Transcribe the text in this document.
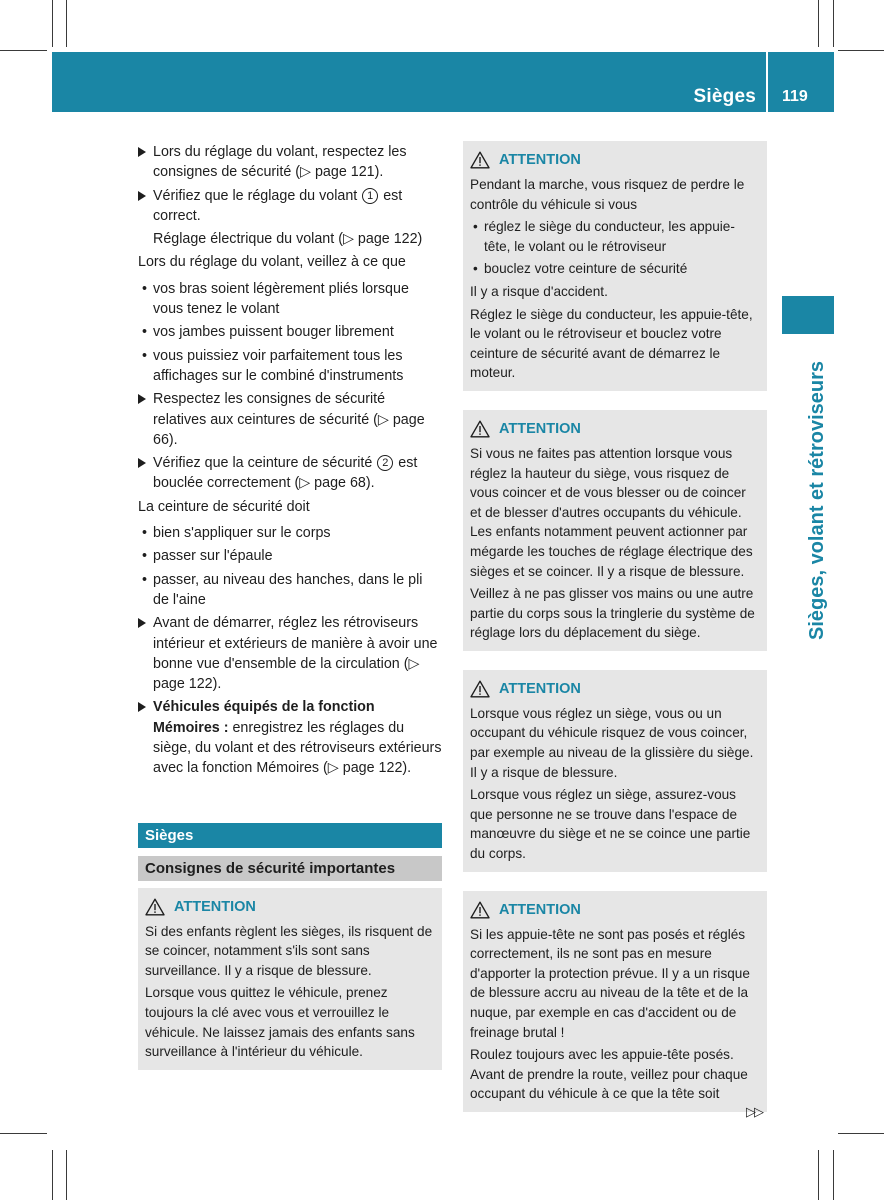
Sièges 119
Sièges, volant et rétroviseurs
Lors du réglage du volant, respectez les consignes de sécurité (▷ page 121).
Vérifiez que le réglage du volant 1 est correct.
Réglage électrique du volant (▷ page 122)
Lors du réglage du volant, veillez à ce que
• vos bras soient légèrement pliés lorsque vous tenez le volant
• vos jambes puissent bouger librement
• vous puissiez voir parfaitement tous les affichages sur le combiné d'instruments
Respectez les consignes de sécurité relatives aux ceintures de sécurité (▷ page 66).
Vérifiez que la ceinture de sécurité 2 est bouclée correctement (▷ page 68).
La ceinture de sécurité doit
• bien s'appliquer sur le corps
• passer sur l'épaule
• passer, au niveau des hanches, dans le pli de l'aine
Avant de démarrer, réglez les rétroviseurs intérieur et extérieurs de manière à avoir une bonne vue d'ensemble de la circulation (▷ page 122).
Véhicules équipés de la fonction Mémoires : enregistrez les réglages du siège, du volant et des rétroviseurs extérieurs avec la fonction Mémoires (▷ page 122).
Sièges
Consignes de sécurité importantes
ATTENTION
Si des enfants règlent les sièges, ils risquent de se coincer, notamment s'ils sont sans surveillance. Il y a risque de blessure.
Lorsque vous quittez le véhicule, prenez toujours la clé avec vous et verrouillez le véhicule. Ne laissez jamais des enfants sans surveillance à l'intérieur du véhicule.
ATTENTION
Pendant la marche, vous risquez de perdre le contrôle du véhicule si vous
• réglez le siège du conducteur, les appuie-tête, le volant ou le rétroviseur
• bouclez votre ceinture de sécurité
Il y a risque d'accident.
Réglez le siège du conducteur, les appuie-tête, le volant ou le rétroviseur et bouclez votre ceinture de sécurité avant de démarrez le moteur.
ATTENTION
Si vous ne faites pas attention lorsque vous réglez la hauteur du siège, vous risquez de vous coincer et de vous blesser ou de coincer et de blesser d'autres occupants du véhicule. Les enfants notamment peuvent actionner par mégarde les touches de réglage électrique des sièges et se coincer. Il y a risque de blessure.
Veillez à ne pas glisser vos mains ou une autre partie du corps sous la tringlerie du système de réglage lors du déplacement du siège.
ATTENTION
Lorsque vous réglez un siège, vous ou un occupant du véhicule risquez de vous coincer, par exemple au niveau de la glissière du siège. Il y a risque de blessure.
Lorsque vous réglez un siège, assurez-vous que personne ne se trouve dans l'espace de manœuvre du siège et ne se coince une partie du corps.
ATTENTION
Si les appuie-tête ne sont pas posés et réglés correctement, ils ne sont pas en mesure d'apporter la protection prévue. Il y a un risque de blessure accru au niveau de la tête et de la nuque, par exemple en cas d'accident ou de freinage brutal !
Roulez toujours avec les appuie-tête posés. Avant de prendre la route, veillez pour chaque occupant du véhicule à ce que la tête soit
▷▷
